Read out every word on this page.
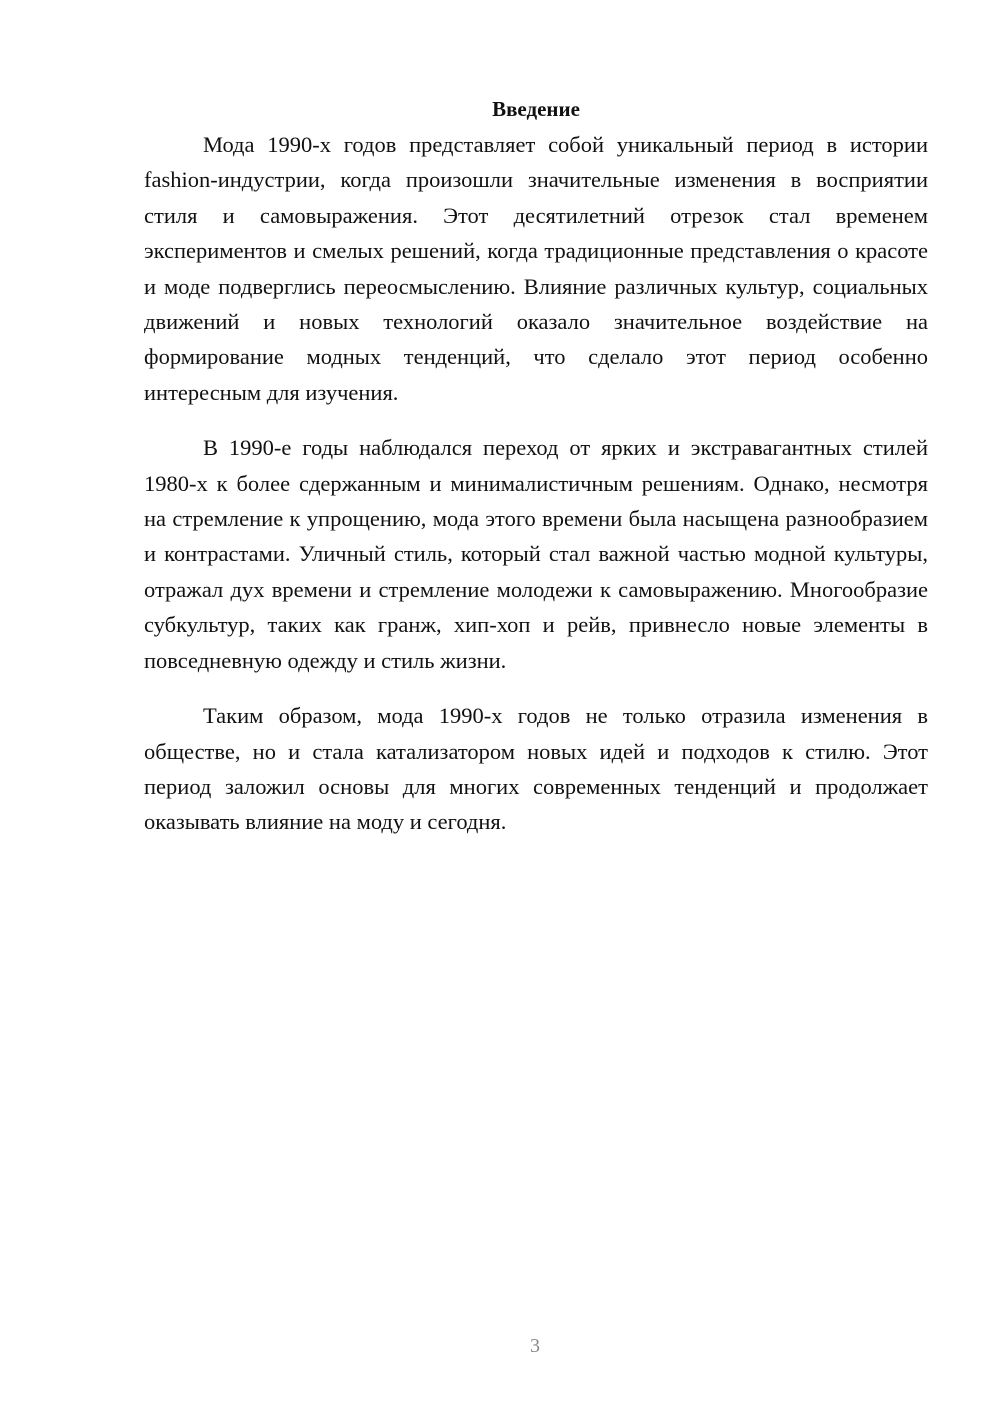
Введение

Мода 1990-х годов представляет собой уникальный период в истории fashion-индустрии, когда произошли значительные изменения в восприятии стиля и самовыражения. Этот десятилетний отрезок стал временем экспериментов и смелых решений, когда традиционные представления о красоте и моде подверглись переосмыслению. Влияние различных культур, социальных движений и новых технологий оказало значительное воздействие на формирование модных тенденций, что сделало этот период особенно интересным для изучения.

В 1990-е годы наблюдался переход от ярких и экстравагантных стилей 1980-х к более сдержанным и минималистичным решениям. Однако, несмотря на стремление к упрощению, мода этого времени была насыщена разнообразием и контрастами. Уличный стиль, который стал важной частью модной культуры, отражал дух времени и стремление молодежи к самовыражению. Многообразие субкультур, таких как гранж, хип-хоп и рейв, привнесло новые элементы в повседневную одежду и стиль жизни.

Таким образом, мода 1990-х годов не только отразила изменения в обществе, но и стала катализатором новых идей и подходов к стилю. Этот период заложил основы для многих современных тенденций и продолжает оказывать влияние на моду и сегодня.

3
